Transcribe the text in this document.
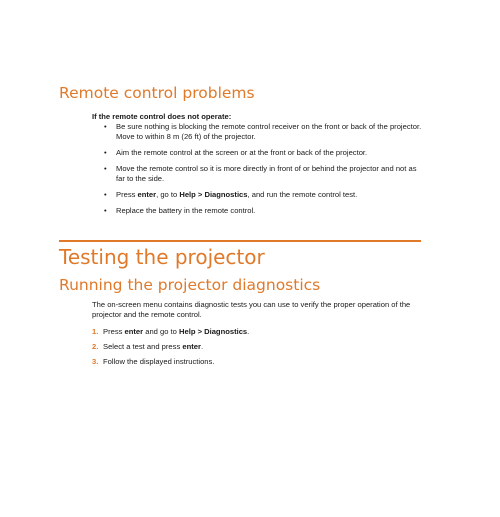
Remote control problems
If the remote control does not operate:
• Be sure nothing is blocking the remote control receiver on the front or back of the projector. Move to within 8 m (26 ft) of the projector.
• Aim the remote control at the screen or at the front or back of the projector.
• Move the remote control so it is more directly in front of or behind the projector and not as far to the side.
• Press enter, go to Help > Diagnostics, and run the remote control test.
• Replace the battery in the remote control.
Testing the projector
Running the projector diagnostics

The on-screen menu contains diagnostic tests you can use to verify the proper operation of the projector and the remote control.

1. Press enter and go to Help > Diagnostics.
2. Select a test and press enter.
3. Follow the displayed instructions.
